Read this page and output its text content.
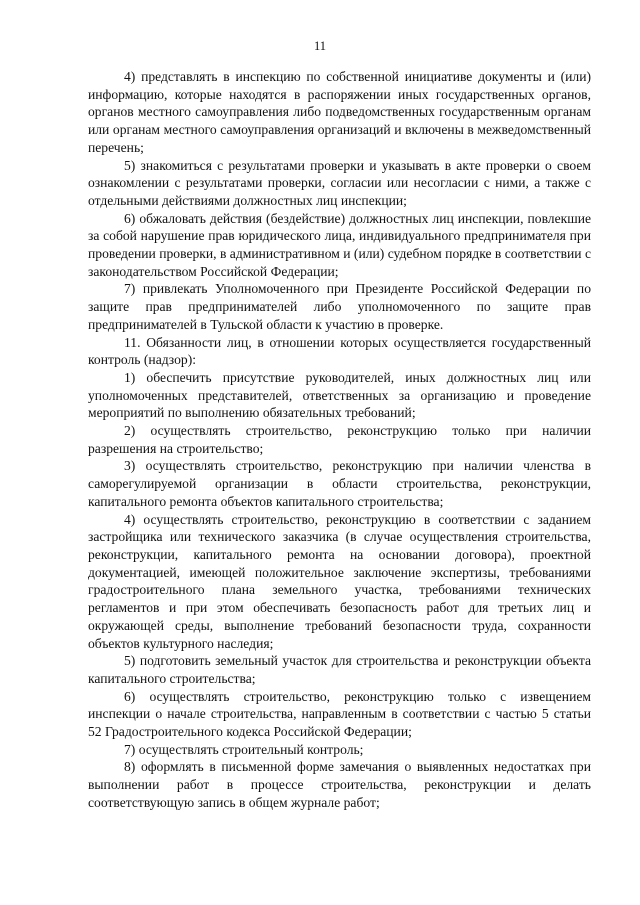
11

4) представлять в инспекцию по собственной инициативе документы и (или) информацию, которые находятся в распоряжении иных государственных органов, органов местного самоуправления либо подведомственных государственным органам или органам местного самоуправления организаций и включены в межведомственный перечень;

5) знакомиться с результатами проверки и указывать в акте проверки о своем ознакомлении с результатами проверки, согласии или несогласии с ними, а также с отдельными действиями должностных лиц инспекции;

6) обжаловать действия (бездействие) должностных лиц инспекции, повлекшие за собой нарушение прав юридического лица, индивидуального предпринимателя при проведении проверки, в административном и (или) судебном порядке в соответствии с законодательством Российской Федерации;

7) привлекать Уполномоченного при Президенте Российской Федерации по защите прав предпринимателей либо уполномоченного по защите прав предпринимателей в Тульской области к участию в проверке.

11. Обязанности лиц, в отношении которых осуществляется государственный контроль (надзор):

1) обеспечить присутствие руководителей, иных должностных лиц или уполномоченных представителей, ответственных за организацию и проведение мероприятий по выполнению обязательных требований;

2) осуществлять строительство, реконструкцию только при наличии разрешения на строительство;

3) осуществлять строительство, реконструкцию при наличии членства в саморегулируемой организации в области строительства, реконструкции, капитального ремонта объектов капитального строительства;

4) осуществлять строительство, реконструкцию в соответствии с заданием застройщика или технического заказчика (в случае осуществления строительства, реконструкции, капитального ремонта на основании договора), проектной документацией, имеющей положительное заключение экспертизы, требованиями градостроительного плана земельного участка, требованиями технических регламентов и при этом обеспечивать безопасность работ для третьих лиц и окружающей среды, выполнение требований безопасности труда, сохранности объектов культурного наследия;

5) подготовить земельный участок для строительства и реконструкции объекта капитального строительства;

6) осуществлять строительство, реконструкцию только с извещением инспекции о начале строительства, направленным в соответствии с частью 5 статьи 52 Градостроительного кодекса Российской Федерации;

7) осуществлять строительный контроль;

8) оформлять в письменной форме замечания о выявленных недостатках при выполнении работ в процессе строительства, реконструкции и делать соответствующую запись в общем журнале работ;
